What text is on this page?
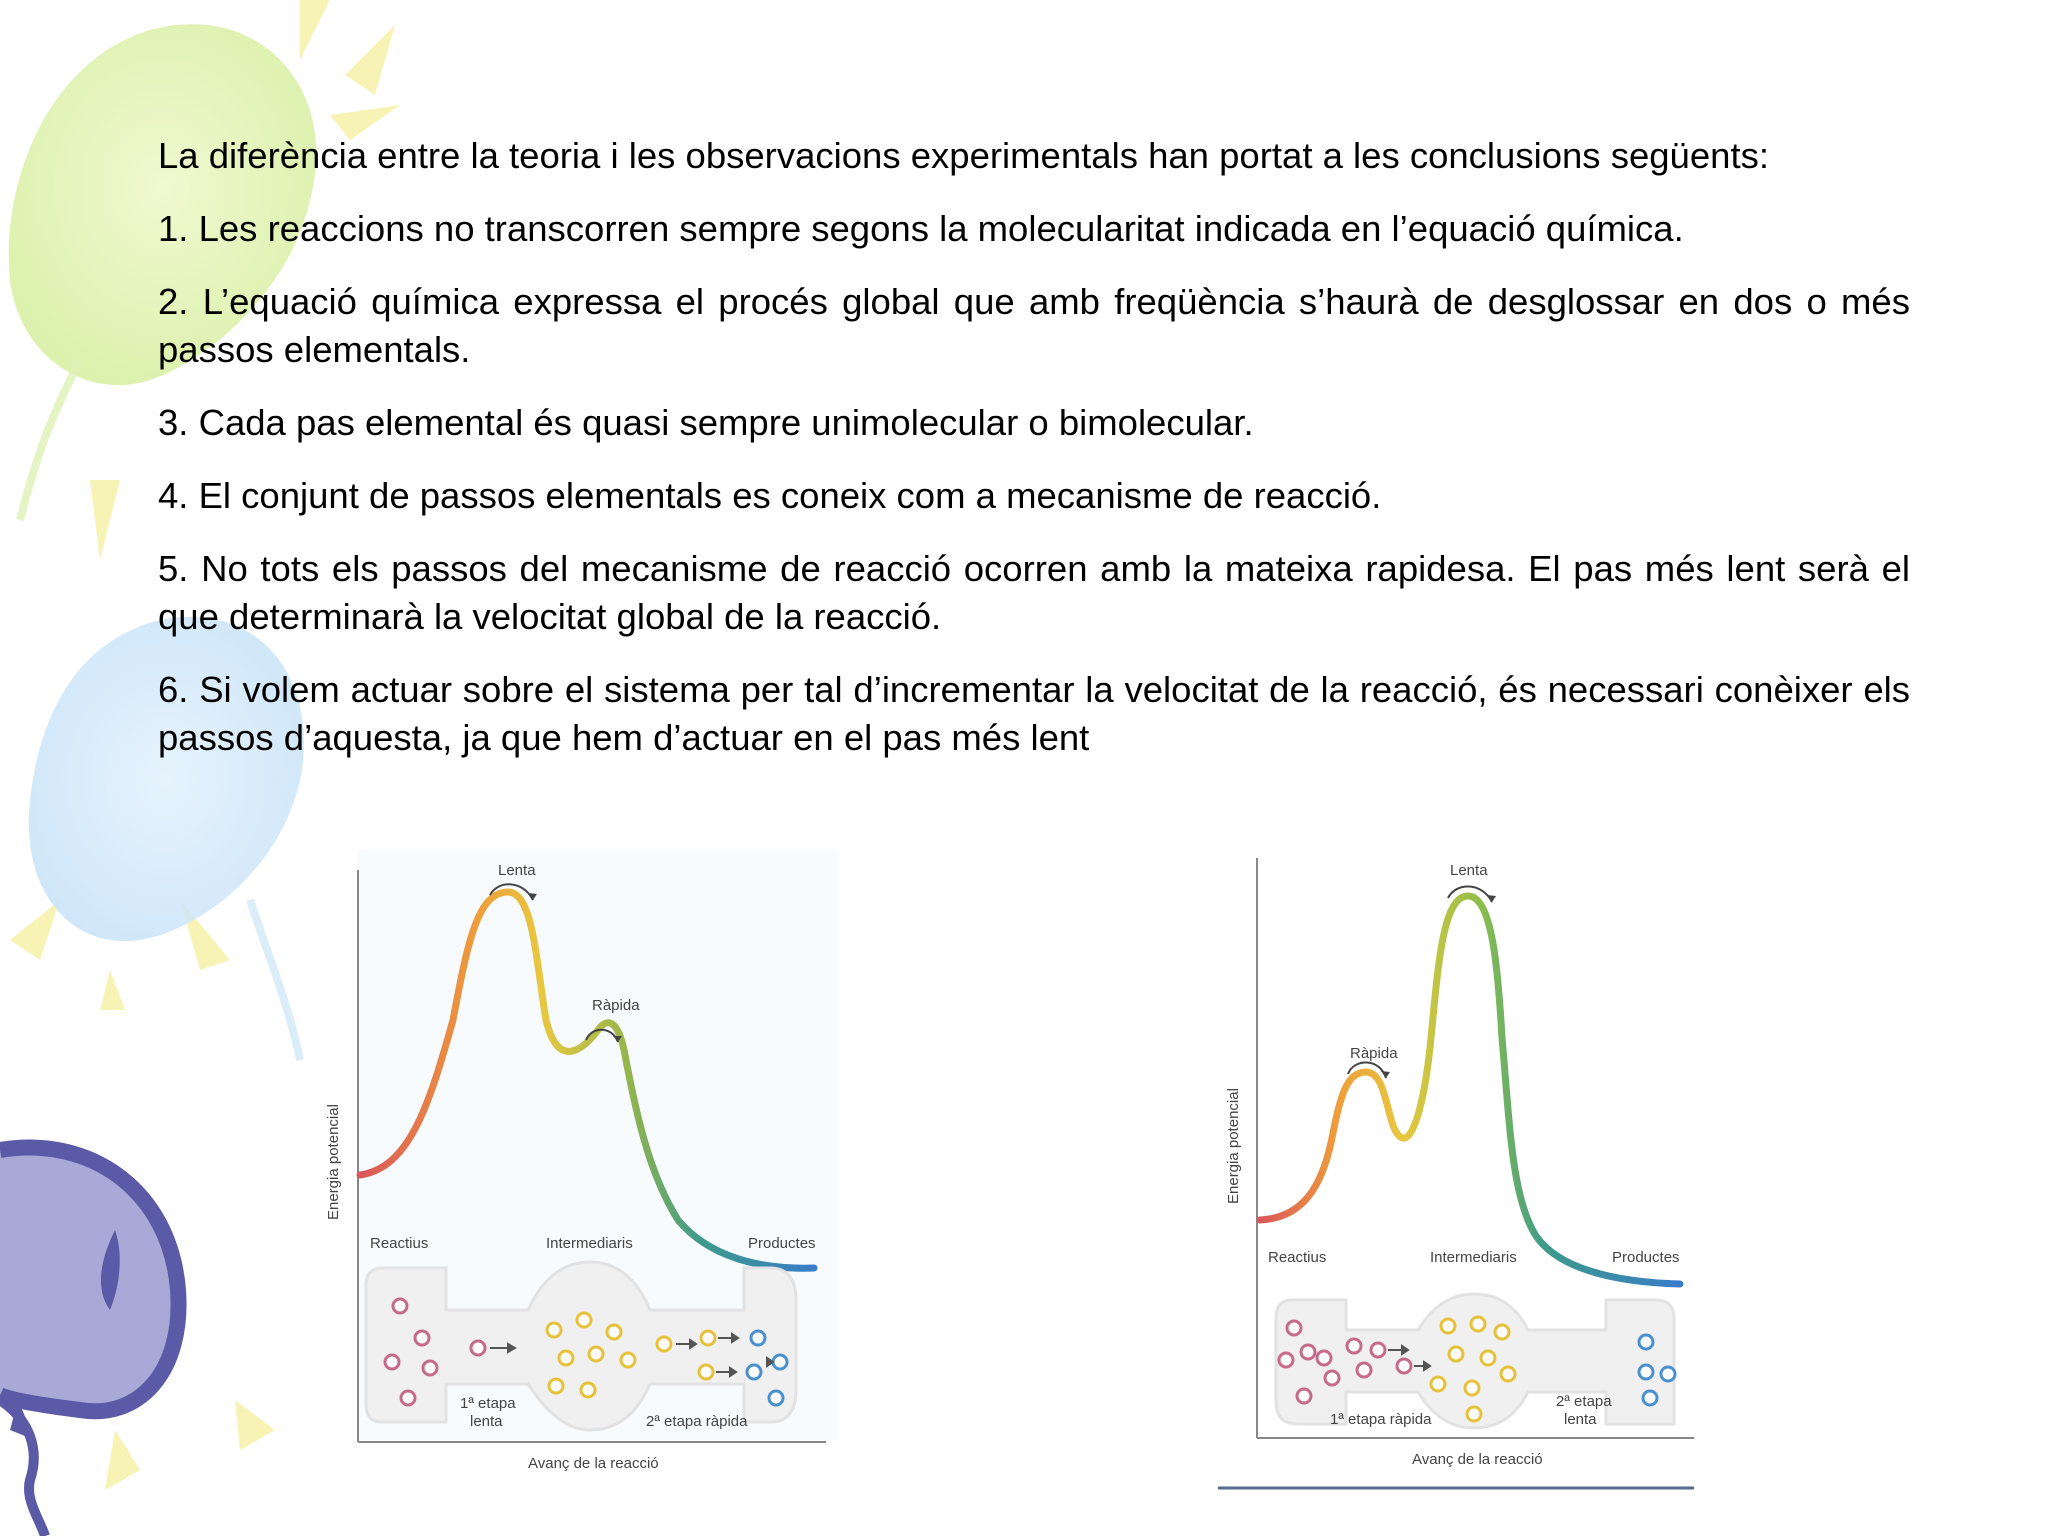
La diferència entre la teoria i les observacions experimentals han portat a les conclusions següents:

1. Les reaccions no transcorren sempre segons la molecularitat indicada en l’equació química.

2. L’equació química expressa el procés global que amb freqüència s’haurà de desglossar en dos o més passos elementals.

3. Cada pas elemental és quasi sempre unimolecular o bimolecular.

4. El conjunt de passos elementals es coneix com a mecanisme de reacció.

5. No tots els passos del mecanisme de reacció ocorren amb la mateixa rapidesa. El pas més lent serà el que determinarà la velocitat global de la reacció.

6. Si volem actuar sobre el sistema per tal d’incrementar la velocitat de la reacció, és necessari conèixer els passos d’aquesta, ja que hem d’actuar en el pas més lent

Lenta
Ràpida
Energia potencial
Reactius	Intermediaris	Productes
1ª etapa
lenta	2ª etapa ràpida
Avanç de la reacció
Ràpida
Lenta
Energia potencial
Reactius	Intermediaris	Productes
1ª etapa ràpida
2ª etapa
lenta
Avanç de la reacció
